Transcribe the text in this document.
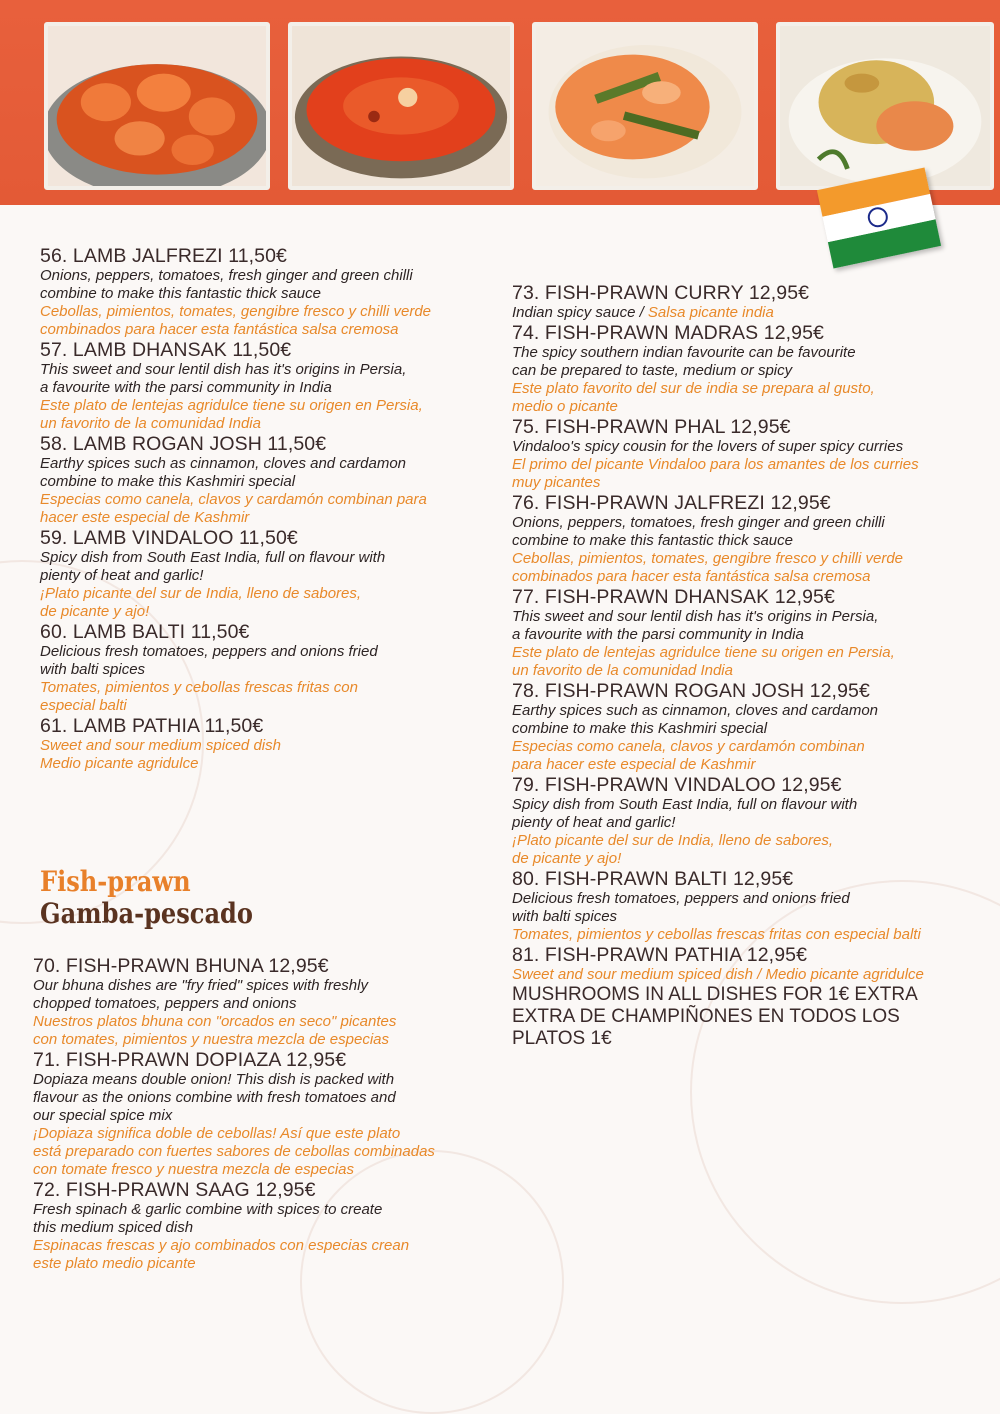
56. LAMB JALFREZI 11,50€
Onions, peppers, tomatoes, fresh ginger and green chilli
combine to make this fantastic thick sauce
Cebollas, pimientos, tomates, gengibre fresco y chilli verde
combinados para hacer esta fantástica salsa cremosa
57. LAMB DHANSAK 11,50€
This sweet and sour lentil dish has it's origins in Persia,
a favourite with the parsi community in India
Este plato de lentejas agridulce tiene su origen en Persia,
un favorito de la comunidad India
58. LAMB ROGAN JOSH 11,50€
Earthy spices such as cinnamon, cloves and cardamon
combine to make this Kashmiri special
Especias como canela, clavos y cardamón combinan para
hacer este especial de Kashmir
59. LAMB VINDALOO 11,50€
Spicy dish from South East India, full on flavour with
pienty of heat and garlic!
¡Plato picante del sur de India, lleno de sabores,
de picante y ajo!
60. LAMB BALTI 11,50€
Delicious fresh tomatoes, peppers and onions fried
with balti spices
Tomates, pimientos y cebollas frescas fritas con
especial balti
61. LAMB PATHIA 11,50€
Sweet and sour medium spiced dish
Medio picante agridulce
Fish-prawn
Gamba-pescado
70. FISH-PRAWN BHUNA 12,95€
Our bhuna dishes are "fry fried" spices with freshly
chopped tomatoes, peppers and onions
Nuestros platos bhuna con "orcados en seco" picantes
con tomates, pimientos y nuestra mezcla de especias
71. FISH-PRAWN DOPIAZA 12,95€
Dopiaza means double onion! This dish is packed with
flavour as the onions combine with fresh tomatoes and
our special spice mix
¡Dopiaza significa doble de cebollas! Así que este plato
está preparado con fuertes sabores de cebollas combinadas
con tomate fresco y nuestra mezcla de especias
72. FISH-PRAWN SAAG 12,95€
Fresh spinach & garlic combine with spices to create
this medium spiced dish
Espinacas frescas y ajo combinados con especias crean
este plato medio picante
73. FISH-PRAWN CURRY 12,95€
Indian spicy sauce / Salsa picante india
74. FISH-PRAWN MADRAS 12,95€
The spicy southern indian favourite can be favourite
can be prepared to taste, medium or spicy
Este plato favorito del sur de india se prepara al gusto,
medio o picante
75. FISH-PRAWN PHAL 12,95€
Vindaloo's spicy cousin for the lovers of super spicy curries
El primo del picante Vindaloo para los amantes de los curries
muy picantes
76. FISH-PRAWN JALFREZI 12,95€
Onions, peppers, tomatoes, fresh ginger and green chilli
combine to make this fantastic thick sauce
Cebollas, pimientos, tomates, gengibre fresco y chilli verde
combinados para hacer esta fantástica salsa cremosa
77. FISH-PRAWN DHANSAK 12,95€
This sweet and sour lentil dish has it's origins in Persia,
a favourite with the parsi community in India
Este plato de lentejas agridulce tiene su origen en Persia,
un favorito de la comunidad India
78. FISH-PRAWN ROGAN JOSH 12,95€
Earthy spices such as cinnamon, cloves and cardamon
combine to make this Kashmiri special
Especias como canela, clavos y cardamón combinan
para hacer este especial de Kashmir
79. FISH-PRAWN VINDALOO 12,95€
Spicy dish from South East India, full on flavour with
pienty of heat and garlic!
¡Plato picante del sur de India, lleno de sabores,
de picante y ajo!
80. FISH-PRAWN BALTI 12,95€
Delicious fresh tomatoes, peppers and onions fried
with balti spices
Tomates, pimientos y cebollas frescas fritas con especial balti
81. FISH-PRAWN PATHIA 12,95€
Sweet and sour medium spiced dish / Medio picante agridulce
MUSHROOMS IN ALL DISHES FOR 1€ EXTRA
EXTRA DE CHAMPIÑONES EN TODOS LOS
PLATOS 1€
